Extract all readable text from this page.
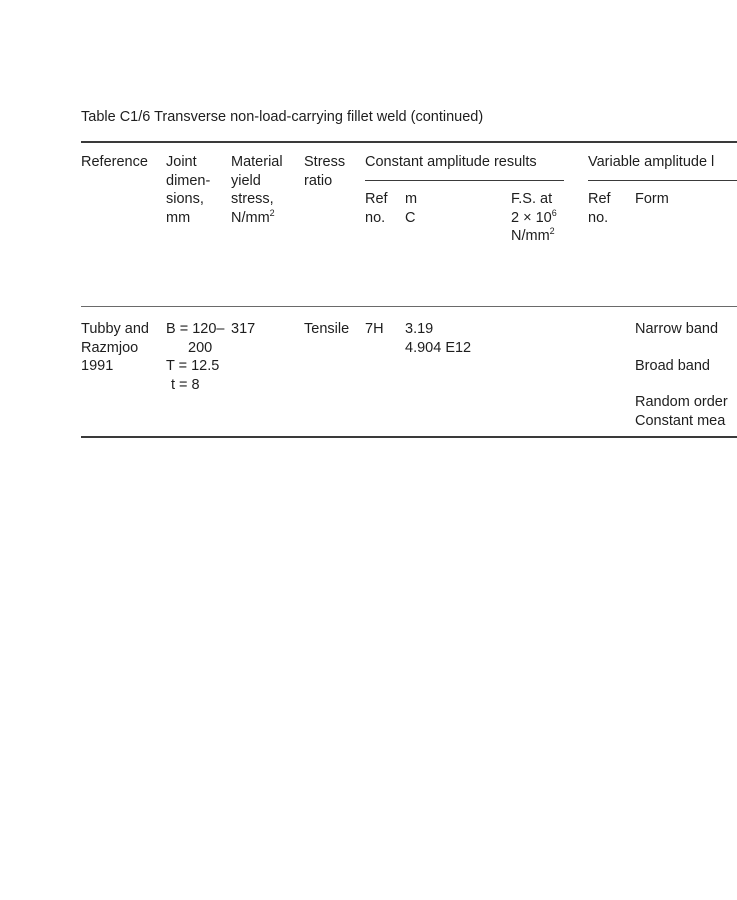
Table C1/6 Transverse non-load-carrying fillet weld (continued)
Reference Joint
dimen-
sions,
mm
Material
yield
stress,
$N/mm^2$
Stress
ratio
Constant amplitude results	Variable amplitude l
Ref
no.
m
C
F.S. at
$2 \times 10^6$
$N/mm^2$
Ref
no.
Form
Tubby and
Razmjoo
1991
B = 120–
200
T = 12.5
t = 8
317	Tensile 7H 3.19
4.904 E12
Narrow band
Broad band
Random order
Constant mea
